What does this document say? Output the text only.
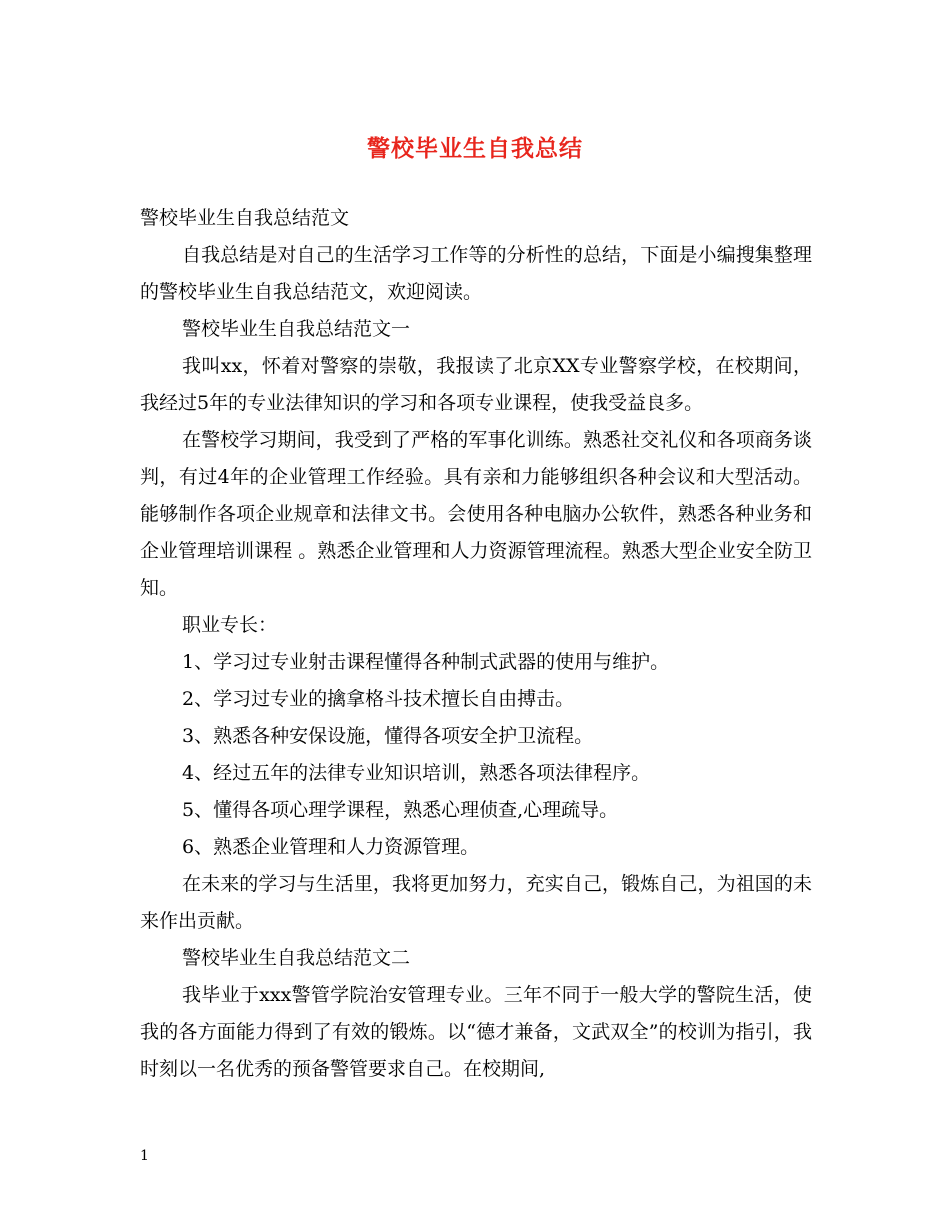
警校毕业生自我总结

警校毕业生自我总结范文

自我总结是对自己的生活学习工作等的分析性的总结，下面是小编搜集整理的警校毕业生自我总结范文，欢迎阅读。

警校毕业生自我总结范文一

我叫xx，怀着对警察的崇敬，我报读了北京XX专业警察学校，在校期间，我经过5年的专业法律知识的学习和各项专业课程，使我受益良多。

在警校学习期间，我受到了严格的军事化训练。熟悉社交礼仪和各项商务谈判，有过4年的企业管理工作经验。具有亲和力能够组织各种会议和大型活动。能够制作各项企业规章和法律文书。会使用各种电脑办公软件，熟悉各种业务和企业管理培训课程 。熟悉企业管理和人力资源管理流程。熟悉大型企业安全防卫知。

职业专长：

1、学习过专业射击课程懂得各种制式武器的使用与维护。

2、学习过专业的擒拿格斗技术擅长自由搏击。

3、熟悉各种安保设施，懂得各项安全护卫流程。

4、经过五年的法律专业知识培训，熟悉各项法律程序。

5、懂得各项心理学课程，熟悉心理侦查,心理疏导。

6、熟悉企业管理和人力资源管理。

在未来的学习与生活里，我将更加努力，充实自己，锻炼自己，为祖国的未来作出贡献。

警校毕业生自我总结范文二

我毕业于xxx警管学院治安管理专业。三年不同于一般大学的警院生活，使我的各方面能力得到了有效的锻炼。以“德才兼备，文武双全”的校训为指引，我时刻以一名优秀的预备警管要求自己。在校期间,

1
